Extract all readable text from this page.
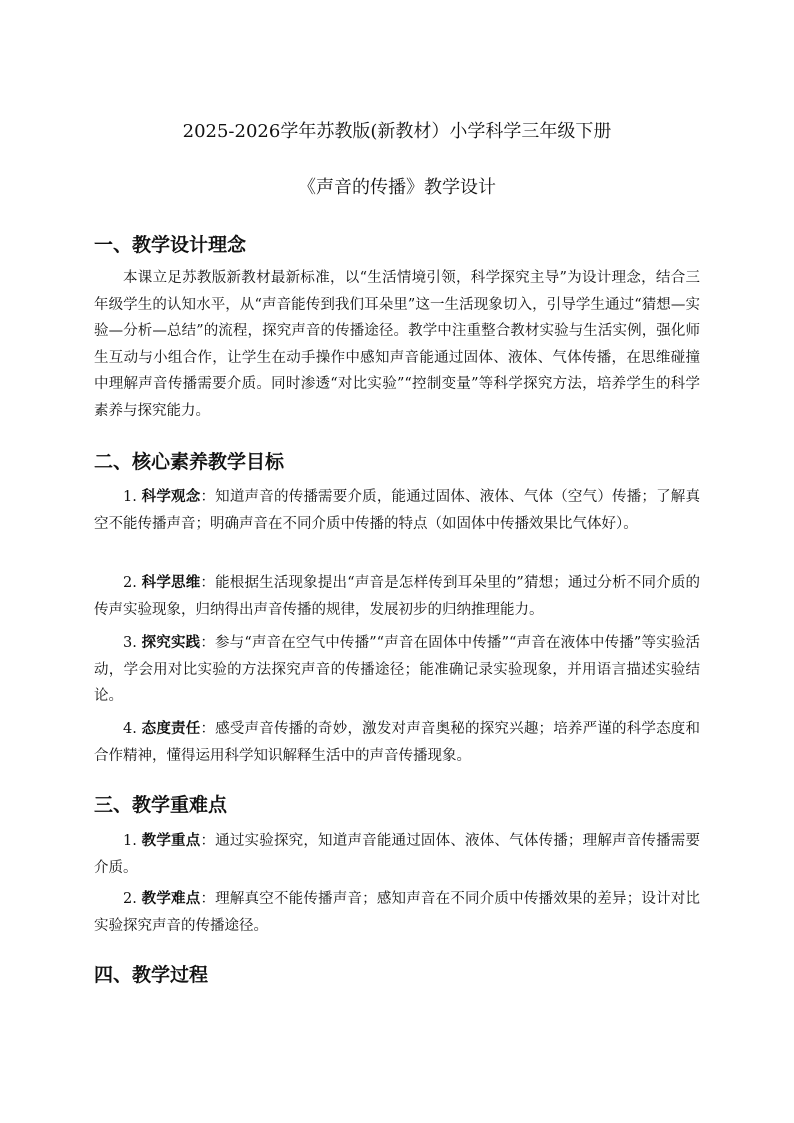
2025-2026学年苏教版(新教材）小学科学三年级下册
《声音的传播》教学设计
一、教学设计理念
本课立足苏教版新教材最新标准，以“生活情境引领，科学探究主导”为设计理念，结合三年级学生的认知水平，从“声音能传到我们耳朵里”这一生活现象切入，引导学生通过“猜想—实验—分析—总结”的流程，探究声音的传播途径。教学中注重整合教材实验与生活实例，强化师生互动与小组合作，让学生在动手操作中感知声音能通过固体、液体、气体传播，在思维碰撞中理解声音传播需要介质。同时渗透“对比实验”“控制变量”等科学探究方法，培养学生的科学素养与探究能力。
二、核心素养教学目标
1. 科学观念：知道声音的传播需要介质，能通过固体、液体、气体（空气）传播；了解真空不能传播声音；明确声音在不同介质中传播的特点（如固体中传播效果比气体好）。
2. 科学思维：能根据生活现象提出“声音是怎样传到耳朵里的”猜想；通过分析不同介质的传声实验现象，归纳得出声音传播的规律，发展初步的归纳推理能力。
3. 探究实践：参与“声音在空气中传播”“声音在固体中传播”“声音在液体中传播”等实验活动，学会用对比实验的方法探究声音的传播途径；能准确记录实验现象，并用语言描述实验结论。
4. 态度责任：感受声音传播的奇妙，激发对声音奥秘的探究兴趣；培养严谨的科学态度和合作精神，懂得运用科学知识解释生活中的声音传播现象。
三、教学重难点
1. 教学重点：通过实验探究，知道声音能通过固体、液体、气体传播；理解声音传播需要介质。
2. 教学难点：理解真空不能传播声音；感知声音在不同介质中传播效果的差异；设计对比实验探究声音的传播途径。
四、教学过程
